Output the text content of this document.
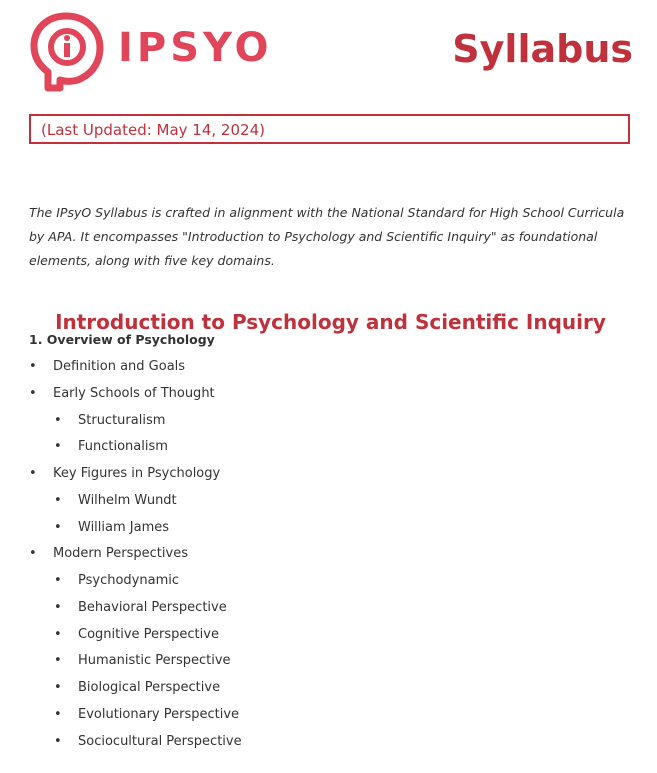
IPSYO	Syllabus
(Last Updated: May 14, 2024)

The IPsyO Syllabus is crafted in alignment with the National Standard for High School Curricula by APA. It encompasses "Introduction to Psychology and Scientific Inquiry" as foundational elements, along with five key domains.

Introduction to Psychology and Scientific Inquiry
1. Overview of Psychology
• Definition and Goals
• Early Schools of Thought
• Structuralism
• Functionalism
• Key Figures in Psychology
• Wilhelm Wundt
• William James
• Modern Perspectives
• Psychodynamic
• Behavioral Perspective
• Cognitive Perspective
• Humanistic Perspective
• Biological Perspective
• Evolutionary Perspective
• Sociocultural Perspective
